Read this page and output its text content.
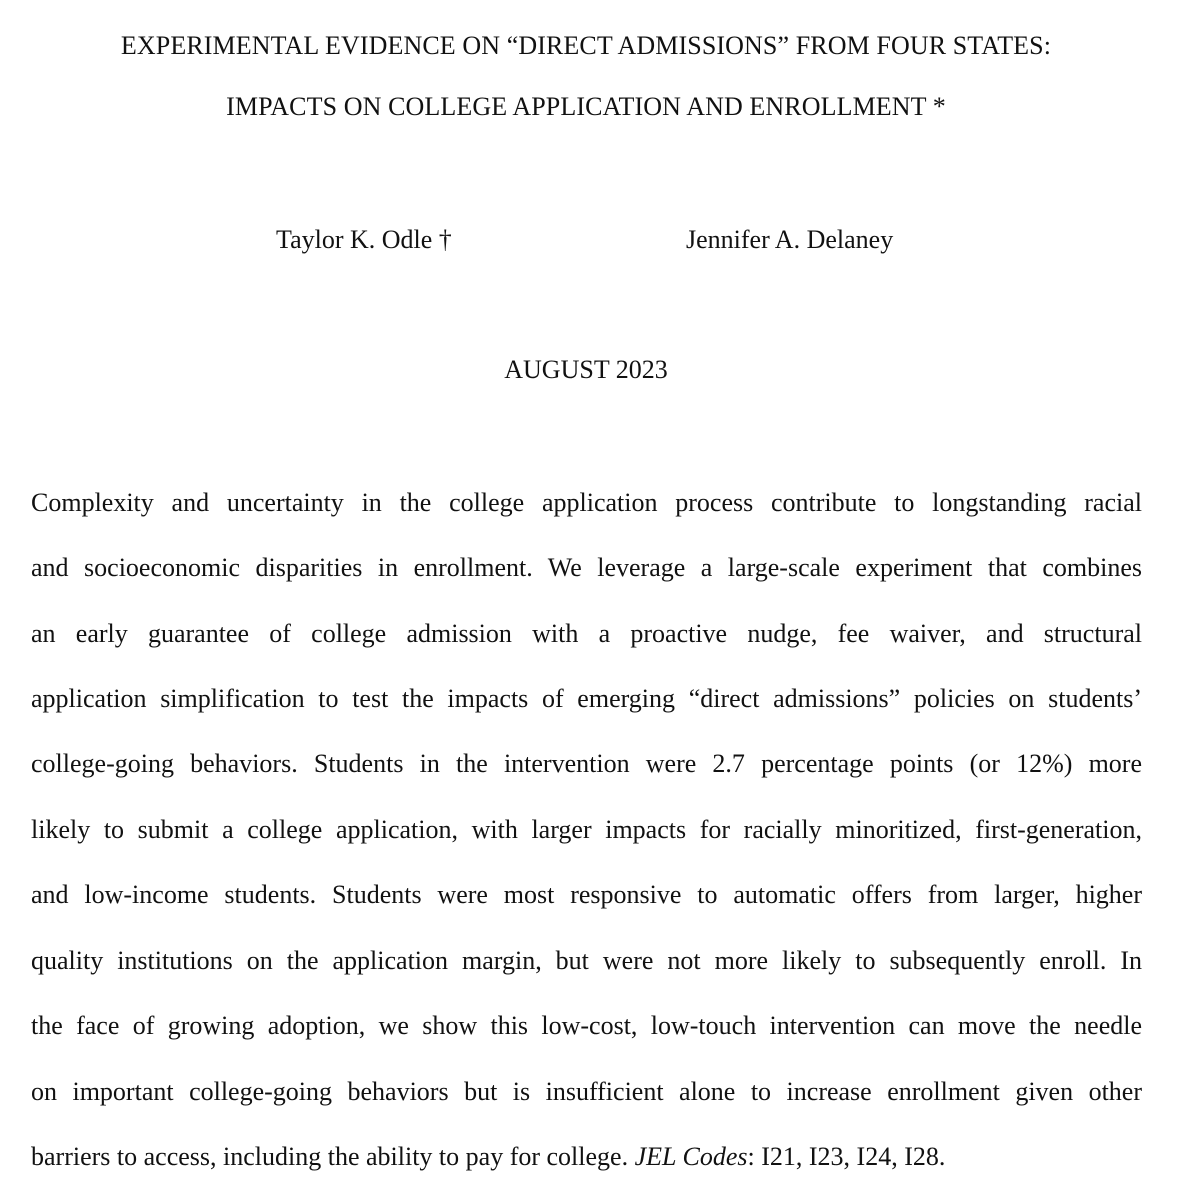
EXPERIMENTAL EVIDENCE ON “DIRECT ADMISSIONS” FROM FOUR STATES:
IMPACTS ON COLLEGE APPLICATION AND ENROLLMENT *
Taylor K. Odle †	Jennifer A. Delaney
AUGUST 2023
Complexity and uncertainty in the college application process contribute to longstanding racial
and socioeconomic disparities in enrollment. We leverage a large-scale experiment that combines
an early guarantee of college admission with a proactive nudge, fee waiver, and structural
application simplification to test the impacts of emerging “direct admissions” policies on students’
college-going behaviors. Students in the intervention were 2.7 percentage points (or 12%) more
likely to submit a college application, with larger impacts for racially minoritized, first-generation,
and low-income students. Students were most responsive to automatic offers from larger, higher
quality institutions on the application margin, but were not more likely to subsequently enroll. In
the face of growing adoption, we show this low-cost, low-touch intervention can move the needle
on important college-going behaviors but is insufficient alone to increase enrollment given other
barriers to access, including the ability to pay for college. JEL Codes: I21, I23, I24, I28.
